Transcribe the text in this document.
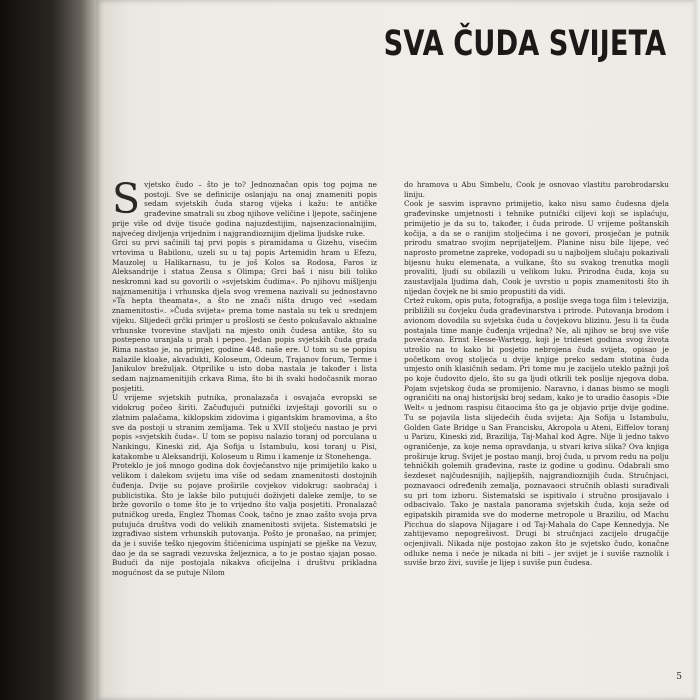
SVA ČUDA SVIJETA
S vjetsko čudo – što je to? Jednoznačan opis tog pojma ne postoji. Sve se definicije oslanjaju na onaj znameniti popis sedam svjetskih čuda starog vijeka i kažu: te antičke građevine smatrali su zbog njihove veličine i ljepote, sačinjene prije više od dvije tisuće godina najuzdestijim, najsenzacionalnijim, najvećeg divljenja vrijednim i najgrandioznijim djelima ljudske ruke.

Grci su prvi sačinili taj prvi popis s piramidama u Gizehu, visećim vrtovima u Babilonu, uzeli su u taj popis Artemidin hram u Efezu, Mauzolej u Halikarnasu, tu je još Kolos sa Rodosa, Faros iz Aleksandrije i statua Zeusa s Olimpa; Grci baš i nisu bili toliko neskromni kad su govorili o »svjetskim čudima«. Po njihovu mišljenju najznamenitija i vrhunska djela svog vremena nazivali su jednostavno »Ta hepta theamata«, a što ne znači ništa drugo već »sedam znamenitosti«. »Čuda svijeta« prema tome nastala su tek u srednjem vijeku. Slijedeći grčki primjer u prošlosti se često pokušavalo aktualne vrhunske tvorevine stavljati na mjesto onih čudesa antike, što su postepeno uranjala u prah i pepeo. Jedan popis svjetskih čuda grada Rima nastao je, na primjer, godine 448. naše ere. U tom su se popisu nalazile kloake, akvadukti, Koloseum, Odeum, Trajanov forum, Terme i Janikulov brežuljak. Otprilike u isto doba nastala je također i lista sedam najznamenitijih crkava Rima, što bi ih svaki hodočasnik morao posjetiti.

U vrijeme svjetskih putnika, pronalazača i osvajača evropski se vidokrug počeo širiti. Začuđujući putnički izvještaji govorili su o zlatnim palačama, kiklopskim zidovima i gigantskim hramovima, a što sve da postoji u stranim zemljama. Tek u XVII stoljeću nastao je prvi popis »svjetskih čuda«. U tom se popisu nalazio toranj od porculana u Nankingu, Kineski zid, Aja Sofija u Istambulu, kosi toranj u Pisi, katakombe u Aleksandriji, Koloseum u Rimu i kamenje iz Stonehenga.

Proteklo je još mnogo godina dok čovječanstvo nije primijetilo kako u velikom i dalekom svijetu ima više od sedam znamenitosti dostojnih čuđenja. Dvije su pojave proširile covjekov vidokrug: saobraćaj i publicistika. Što je lakše bilo putujući doživjeti daleke zemlje, to se brže govorilo o tome što je to vrijedno što valja posjetiti. Pronalazač putničkog ureda, Englez Thomas Cook, tačno je znao zašto svoja prva putujuća društva vodi do velikih znamenitosti svijeta. Sistematski je izgrađivao sistem vrhunskih putovanja. Pošto je pronašao, na primjer, da je i suviše teško njegovim štićenicima uspinjati se pješke na Vezuv, dao je da se sagradi vezuvska željeznica, a to je postao sjajan posao. Budući da nije postojala nikakva oficijelna i društvu prikladna mogućnost da se putuje Nilom

do hramova u Abu Simbelu, Cook je osnovao vlastitu parobrodarsku liniju.

Cook je sasvim ispravno primijetio, kako nisu samo čudesna djela građevinske umjetnosti i tehnike putnički ciljevi koji se isplaćuju, primijetio je da su to, također, i čuda prirode. U vrijeme poštanskih kočija, a da se o ranijim stoljećima i ne govori, prosječan je putnik prirodu smatrao svojim neprijateljem. Planine nisu bile lijepe, već naprosto prometne zapreke, vodopadi su u najboljem slučaju pokazivali bijesnu huku elemenata, a vulkane, što su svakog trenutka mogli provaliti, ljudi su obilazili u velikom luku. Prirodna čuda, koja su zaustavljala ljudima dah, Cook je uvrstio u popis znamenitosti što ih nijedan čovjek ne bi smio propustiti da vidi.

Crtež rukom, opis puta, fotografija, a poslije svega toga film i televizija, približili su čovjeku čuda građevinarstva i prirode. Putovanja brodom i avionom dovodila su svjetska čuda u čovjekovu blizinu. Jesu li ta čuda postajala time manje čuđenja vrijedna? Ne, ali njihov se broj sve više povećavao. Ernst Hesse-Wartegg, koji je trideset godina svog života utrošio na to kako bi posjetio nebrojena čuda svijeta, opisao je početkom ovog stoljeća u dvije knjige preko sedam stotina čuda umjesto onih klasičnih sedam. Pri tome mu je zacijelo uteklo pažnji još po koje čudovito djelo, što su ga ljudi otkrili tek poslije njegova doba. Pojam svjetskog čuda se promijenio. Naravno, i danas bismo se mogli ograničiti na onaj historijski broj sedam, kako je to uradio časopis »Die Welt« u jednom raspisu čitaocima što ga je objavio prije dvije godine. Tu se pojavila lista slijedećih čuda svijeta: Aja Sofija u Istambulu, Golden Gate Bridge u San Francisku, Akropola u Ateni, Eiffelov toranj u Parizu, Kineski zid, Brazilija, Taj-Mahal kod Agre. Nije li jedno takvo ograničenje, za koje nema opravdanja, u stvari kriva slika? Ova knjiga proširuje krug. Svijet je postao manji, broj čuda, u prvom redu na polju tehničkih golemih građevina, raste iz godine u godinu. Odabrali smo šezdeset najčudesnijih, najljepših, najgrandioznijih čuda. Stručnjaci, poznavaoci određenih zemalja, poznavaoci stručnih oblasti surađivali su pri tom izboru. Sistematski se ispitivalo i stručno prosijavalo i odbacivalo. Tako je nastala panorama svjetskih čuda, koja seže od egipatskih piramida sve do moderne metropole u Braziliu, od Machu Picchua do slapova Nijagare i od Taj-Mahala do Cape Kennedyja. Ne zahtijevamo nepogrešivost. Drugi bi stručnjaci zacijelo drugačije ocjenjivali. Nikada nije postojao zakon što je svjetsko čudo, konačne odluke nema i neće je nikada ni biti – jer svijet je i suviše raznolik i suviše brzo živi, suviše je lijep i suviše pun čudesa.

5
